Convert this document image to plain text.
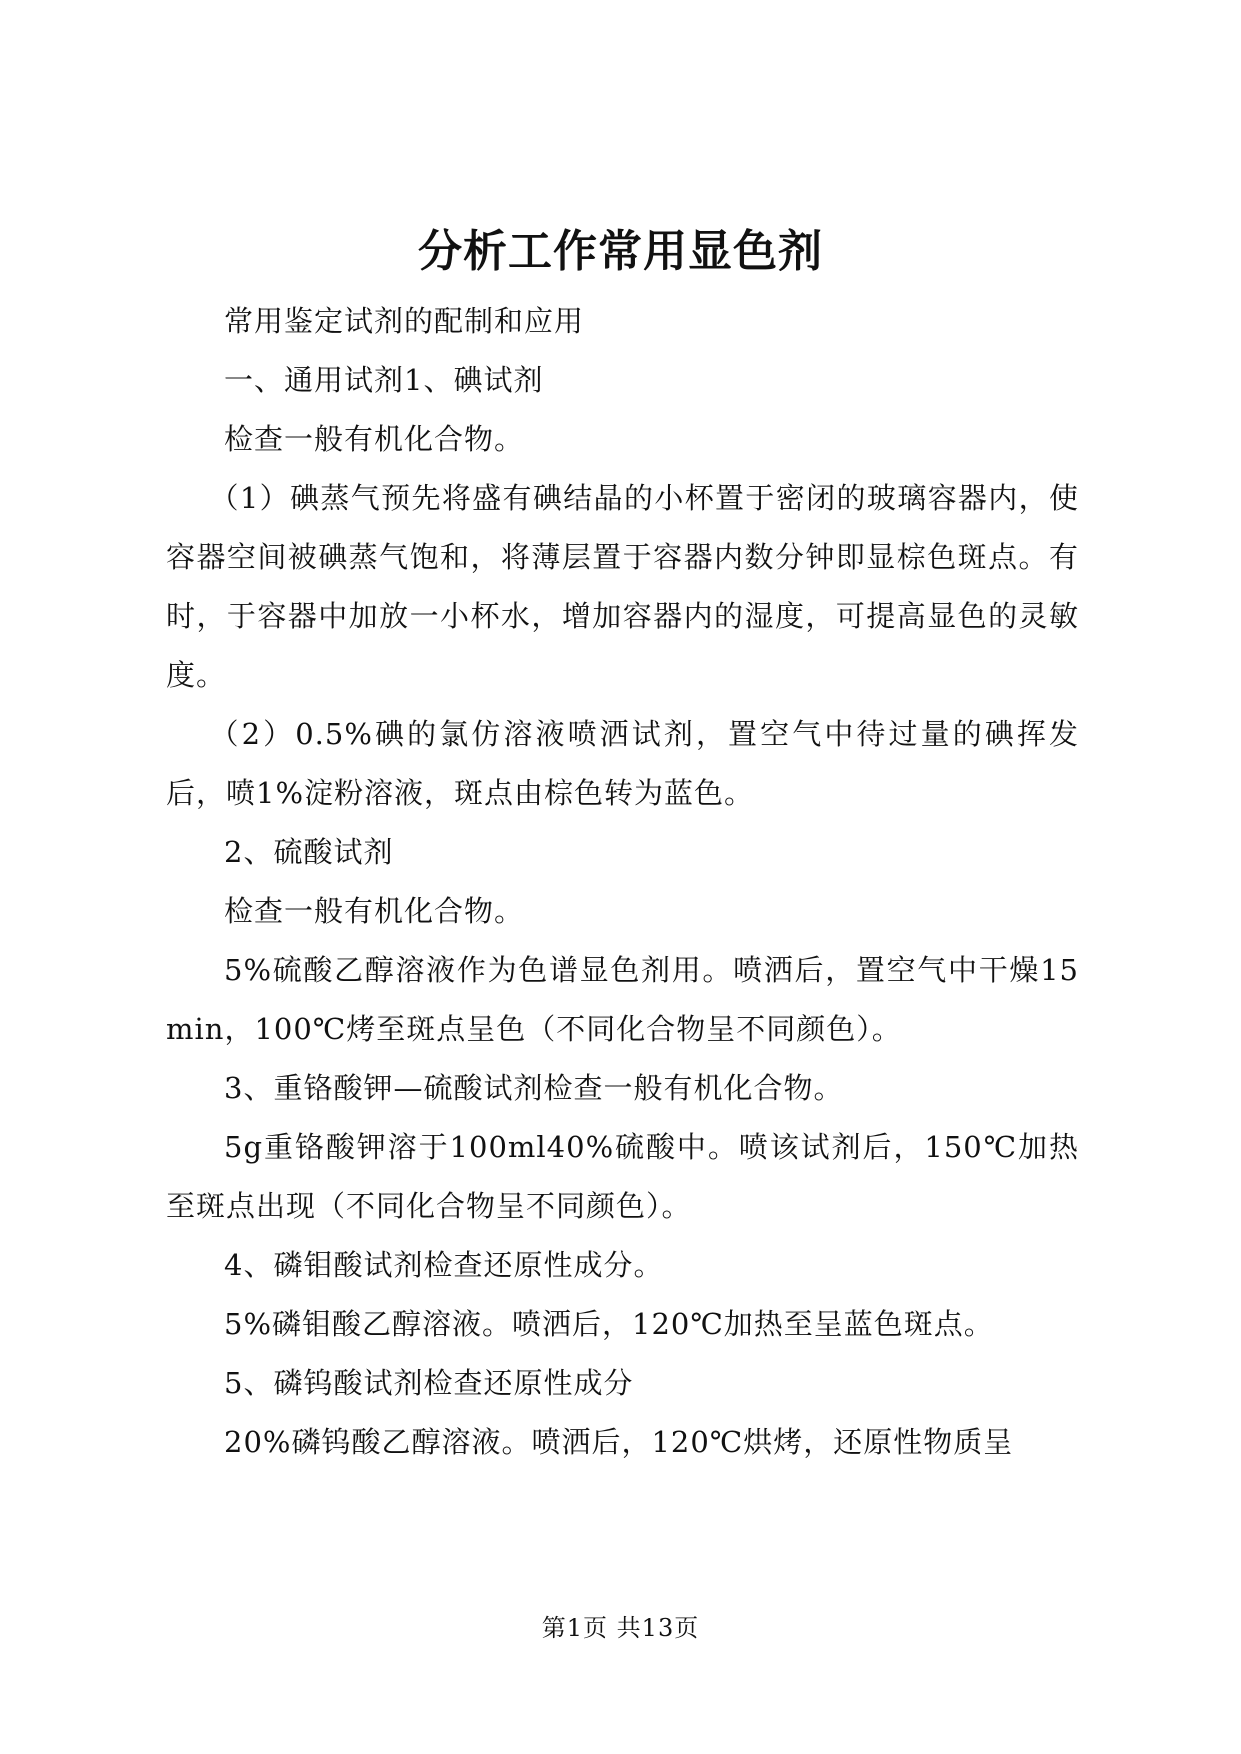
分析工作常用显色剂

常用鉴定试剂的配制和应用

一、通用试剂1、碘试剂

检查一般有机化合物。

（1）碘蒸气预先将盛有碘结晶的小杯置于密闭的玻璃容器内，使容器空间被碘蒸气饱和，将薄层置于容器内数分钟即显棕色斑点。有时，于容器中加放一小杯水，增加容器内的湿度，可提高显色的灵敏度。

（2）0.5%碘的氯仿溶液喷洒试剂，置空气中待过量的碘挥发后，喷1%淀粉溶液，斑点由棕色转为蓝色。

2、硫酸试剂

检查一般有机化合物。

5%硫酸乙醇溶液作为色谱显色剂用。喷洒后，置空气中干燥15min，100℃烤至斑点呈色（不同化合物呈不同颜色）。

3、重铬酸钾—硫酸试剂检查一般有机化合物。

5g重铬酸钾溶于100ml40%硫酸中。喷该试剂后，150℃加热至斑点出现（不同化合物呈不同颜色）。

4、磷钼酸试剂检查还原性成分。

5%磷钼酸乙醇溶液。喷洒后，120℃加热至呈蓝色斑点。

5、磷钨酸试剂检查还原性成分

20%磷钨酸乙醇溶液。喷洒后，120℃烘烤，还原性物质呈

第1页 共13页
